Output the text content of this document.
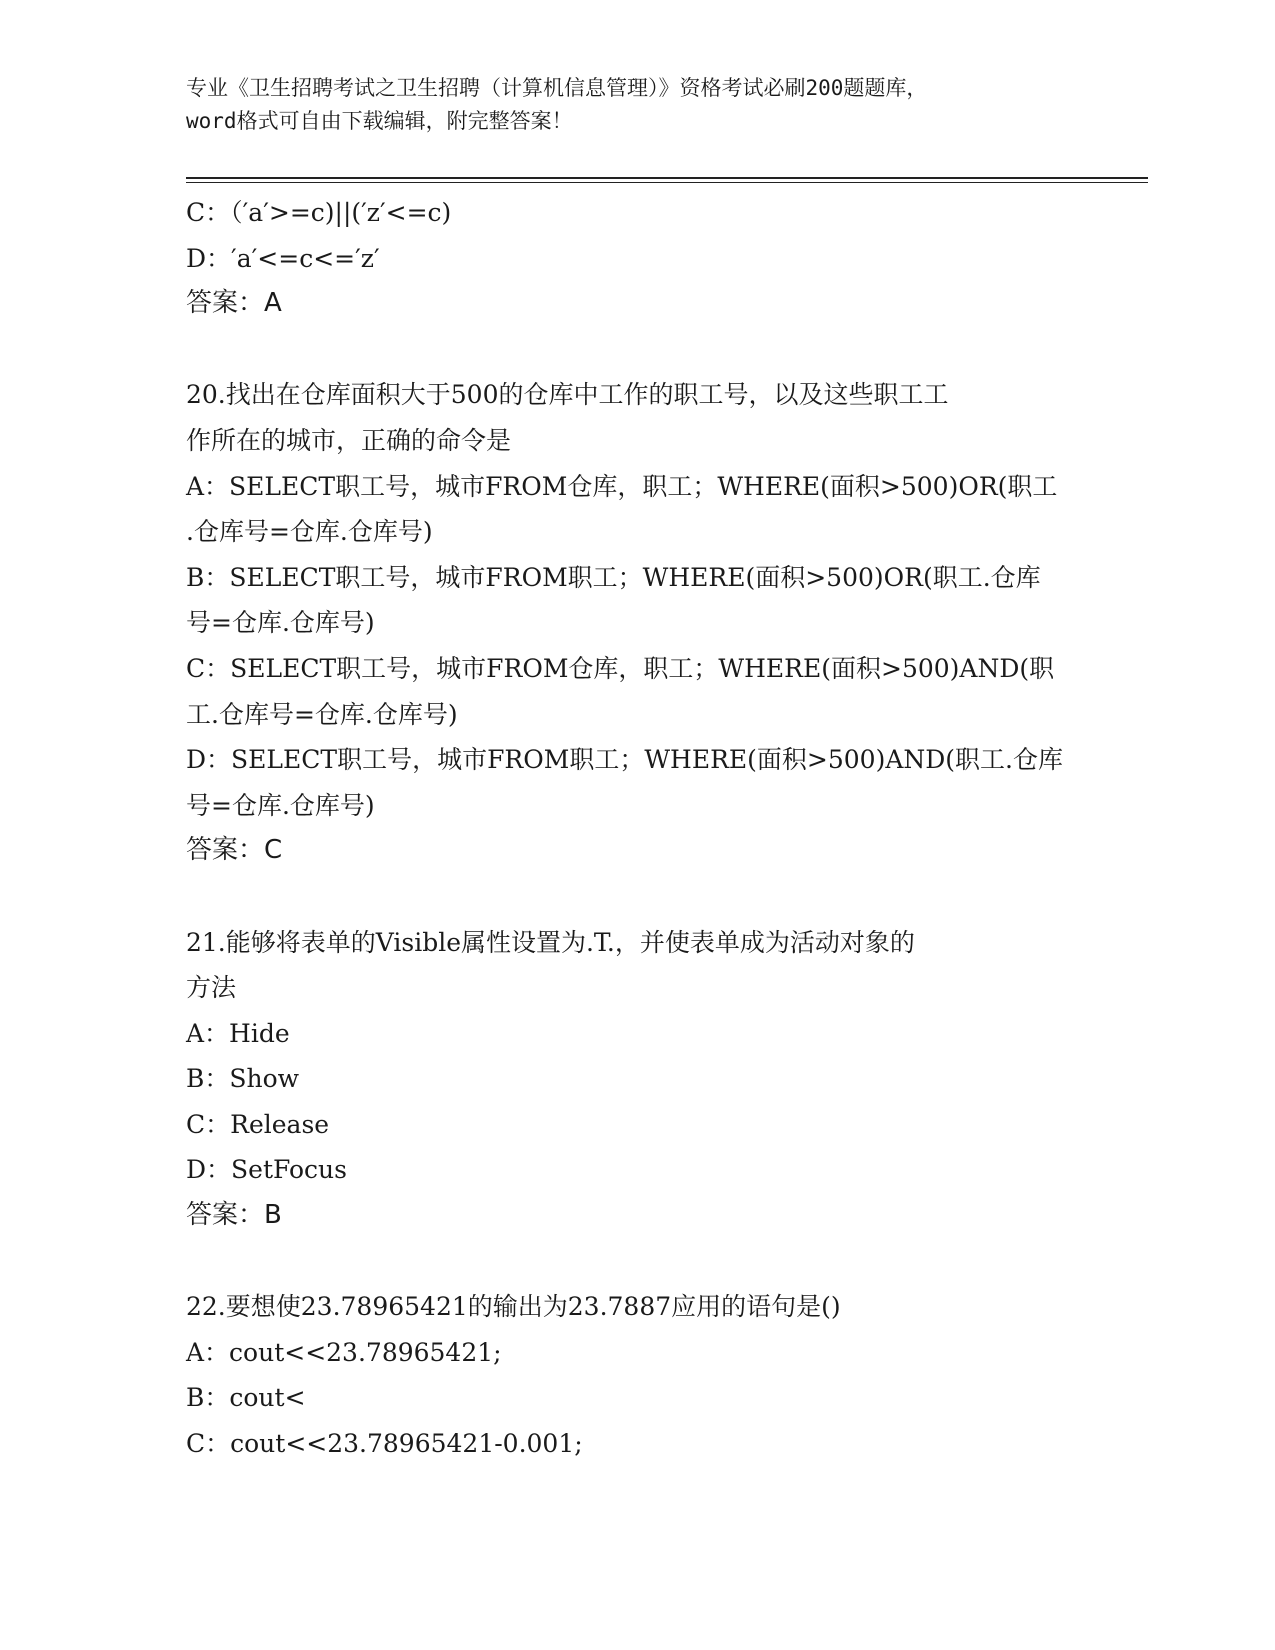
专业《卫生招聘考试之卫生招聘（计算机信息管理）》资格考试必刷200题题库，
word格式可自由下载编辑，附完整答案！
C：（′a′>=c)||(′z′<=c)
D：′a′<=c<=′z′
答案：A
20.找出在仓库面积大于500的仓库中工作的职工号，以及这些职工工
作所在的城市，正确的命令是
A：SELECT职工号，城市FROM仓库，职工；WHERE(面积>500)OR(职工
.仓库号=仓库.仓库号)
B：SELECT职工号，城市FROM职工；WHERE(面积>500)OR(职工.仓库
号=仓库.仓库号)
C：SELECT职工号，城市FROM仓库，职工；WHERE(面积>500)AND(职
工.仓库号=仓库.仓库号)
D：SELECT职工号，城市FROM职工；WHERE(面积>500)AND(职工.仓库
号=仓库.仓库号)
答案：C
21.能够将表单的Visible属性设置为.T.，并使表单成为活动对象的
方法
A：Hide
B：Show
C：Release
D：SetFocus
答案：B
22.要想使23.78965421的输出为23.7887应用的语句是()
A：cout<<23.78965421;
B：cout<
C：cout<<23.78965421-0.001;
